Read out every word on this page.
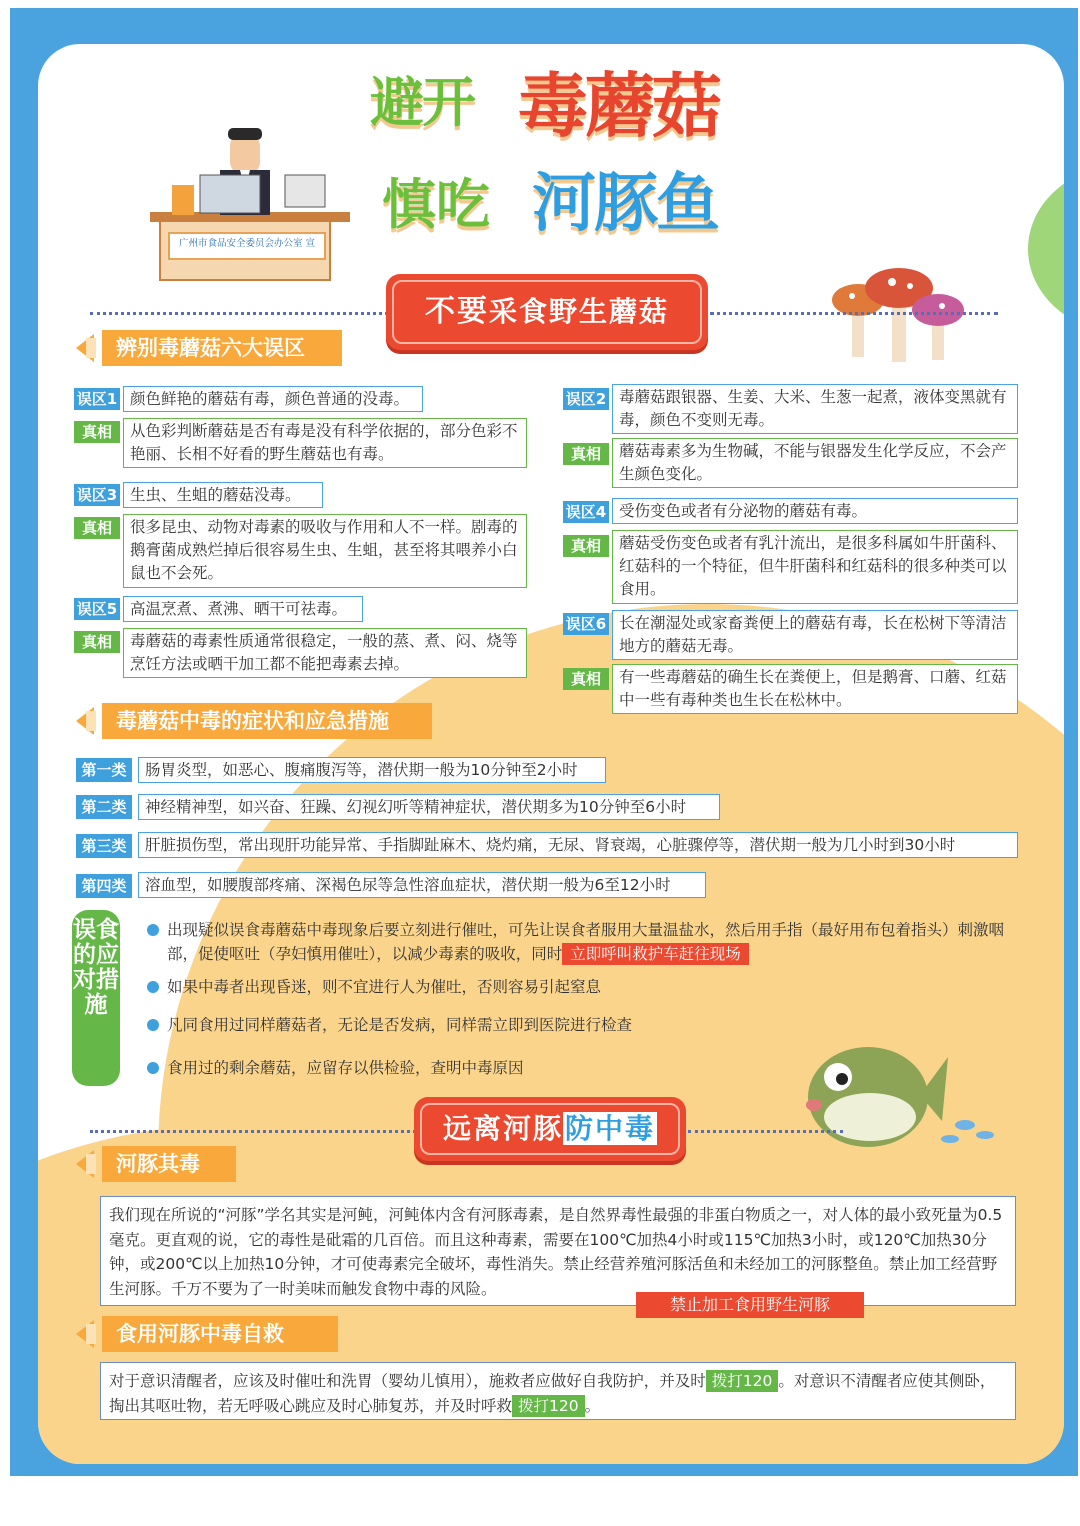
广州市食品安全委员会办公室 宣
避开 毒蘑菇
慎吃 河豚鱼
不要采食野生蘑菇
辨别毒蘑菇六大误区
误区1 颜色鲜艳的蘑菇有毒，颜色普通的没毒。
真相	从色彩判断蘑菇是否有毒是没有科学依据的，部分色彩不艳丽、长相不好看的野生蘑菇也有毒。
误区3 生虫、生蛆的蘑菇没毒。
真相	很多昆虫、动物对毒素的吸收与作用和人不一样。剧毒的鹅膏菌成熟烂掉后很容易生虫、生蛆，甚至将其喂养小白鼠也不会死。
误区5 高温烹煮、煮沸、晒干可祛毒。
真相	毒蘑菇的毒素性质通常很稳定，一般的蒸、煮、闷、烧等烹饪方法或晒干加工都不能把毒素去掉。
误区2 毒蘑菇跟银器、生姜、大米、生葱一起煮，液体变黑就有毒，颜色不变则无毒。
真相	蘑菇毒素多为生物碱，不能与银器发生化学反应，不会产生颜色变化。
误区4 受伤变色或者有分泌物的蘑菇有毒。
真相	蘑菇受伤变色或者有乳汁流出，是很多科属如牛肝菌科、红菇科的一个特征，但牛肝菌科和红菇科的很多种类可以食用。
误区6 长在潮湿处或家畜粪便上的蘑菇有毒，长在松树下等清洁地方的蘑菇无毒。
真相	有一些毒蘑菇的确生长在粪便上，但是鹅膏、口蘑、红菇中一些有毒种类也生长在松林中。
毒蘑菇中毒的症状和应急措施
第一类	肠胃炎型，如恶心、腹痛腹泻等，潜伏期一般为10分钟至2小时
第二类	神经精神型，如兴奋、狂躁、幻视幻听等精神症状，潜伏期多为10分钟至6小时
第三类	肝脏损伤型，常出现肝功能异常、手指脚趾麻木、烧灼痛，无尿、肾衰竭，心脏骤停等，潜伏期一般为几小时到30小时
第四类	溶血型，如腰腹部疼痛、深褐色尿等急性溶血症状，潜伏期一般为6至12小时
误食的应对措施
出现疑似误食毒蘑菇中毒现象后要立刻进行催吐，可先让误食者服用大量温盐水，然后用手指（最好用布包着指头）刺激咽部，促使呕吐（孕妇慎用催吐），以减少毒素的吸收，同时 立即呼叫救护车赶往现场
如果中毒者出现昏迷，则不宜进行人为催吐，否则容易引起窒息
凡同食用过同样蘑菇者，无论是否发病，同样需立即到医院进行检查
食用过的剩余蘑菇，应留存以供检验，查明中毒原因
远离河豚防中毒
河豚其毒
我们现在所说的“河豚”学名其实是河鲀，河鲀体内含有河豚毒素，是自然界毒性最强的非蛋白物质之一，对人体的最小致死量为0.5毫克。更直观的说，它的毒性是砒霜的几百倍。而且这种毒素，需要在100℃加热4小时或115℃加热3小时，或120℃加热30分钟，或200℃以上加热10分钟，才可使毒素完全破坏，毒性消失。禁止经营养殖河豚活鱼和未经加工的河豚整鱼。禁止加工经营野生河豚。千万不要为了一时美味而触发食物中毒的风险。
禁止加工食用野生河豚
食用河豚中毒自救
对于意识清醒者，应该及时催吐和洗胃（婴幼儿慎用），施救者应做好自我防护，并及时 拨打120 。对意识不清醒者应使其侧卧，掏出其呕吐物，若无呼吸心跳应及时心肺复苏，并及时呼救 拨打120 。
